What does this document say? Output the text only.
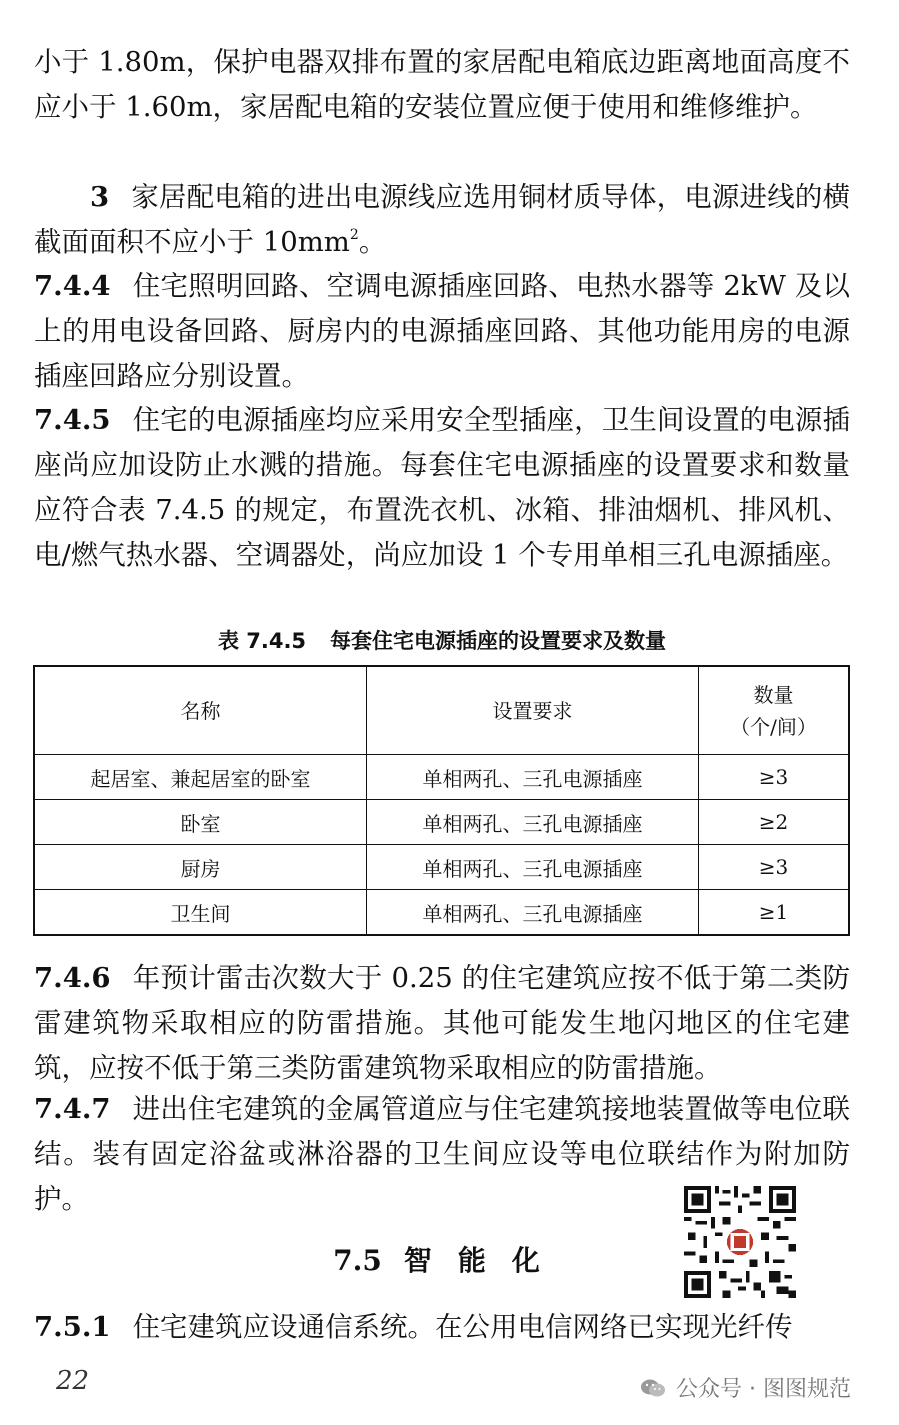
小于 1.80m，保护电器双排布置的家居配电箱底边距离地面高度不应小于 1.60m，家居配电箱的安装位置应便于使用和维修维护。

3 家居配电箱的进出电源线应选用铜材质导体，电源进线的横截面面积不应小于 $10mm^2$。

7.4.4 住宅照明回路、空调电源插座回路、电热水器等 2kW 及以上的用电设备回路、厨房内的电源插座回路、其他功能用房的电源插座回路应分别设置。

7.4.5 住宅的电源插座均应采用安全型插座，卫生间设置的电源插座尚应加设防止水溅的措施。每套住宅电源插座的设置要求和数量应符合表 7.4.5 的规定，布置洗衣机、冰箱、排油烟机、排风机、电/燃气热水器、空调器处，尚应加设 1 个专用单相三孔电源插座。

表 7.4.5 每套住宅电源插座的设置要求及数量
名称	设置要求	数量
（个/间）

起居室、兼起居室的卧室	单相两孔、三孔电源插座	≥3
卧室	单相两孔、三孔电源插座	≥2
厨房	单相两孔、三孔电源插座	≥3
卫生间	单相两孔、三孔电源插座	≥1

7.4.6 年预计雷击次数大于 0.25 的住宅建筑应按不低于第二类防雷建筑物采取相应的防雷措施。其他可能发生地闪地区的住宅建筑，应按不低于第三类防雷建筑物采取相应的防雷措施。

7.4.7 进出住宅建筑的金属管道应与住宅建筑接地装置做等电位联结。装有固定浴盆或淋浴器的卫生间应设等电位联结作为附加防护。

7.5 智能化

7.5.1 住宅建筑应设通信系统。在公用电信网络已实现光纤传

22	公众号 · 图图规范
